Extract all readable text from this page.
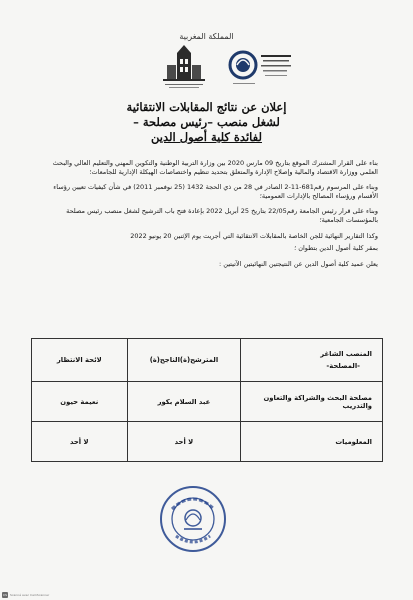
المملكة المغربية
إعلان عن نتائج المقابلات الانتقائية
لشغل منصب –رئيس مصلحة –
لفائدة كلية أصول الدين

بناء على القرار المشترك الموقع بتاريخ 09 مارس 2020 بين وزارة التربية الوطنية والتكوين المهني والتعليم العالي والبحث العلمي ووزارة الاقتصاد والمالية وإصلاح الإدارة والمتعلق بتحديد تنظيم واختصاصات الهيكلة الإدارية للجامعات؛

وبناء على المرسوم رقم681-11-2 الصادر في 28 من ذي الحجة 1432 (25 نوفمبر 2011) في شأن كيفيات تعيين رؤساء الأقسام ورؤساء المصالح بالإدارات العمومية؛

وبناء على قرار رئيس الجامعة رقم22/05 بتاريخ 25 أبريل 2022 بإعادة فتح باب الترشيح لشغل منصب رئيس مصلحة بالمؤسسات الجامعية؛

وكذا التقارير النهائية للجن الخاصة بالمقابلات الانتقائية التي أجريت يوم الإثنين 20 يونيو 2022

بمقر كلية أصول الدين بتطوان ؛

يعلن عميد كلية أصول الدين عن النتيجتين النهائيتين الآتيتين :

المنصب الشاغر
-المصلحة-	المترشح(ة)الناجح(ة)	لائحة الانتظار
مصلحة البحث والشراكة والتعاون والتدريب	عبد السلام بكور	نعيمة حيون
المعلوميات	لا أحد	لا أحد
CS	Scanné avec CamScanner
